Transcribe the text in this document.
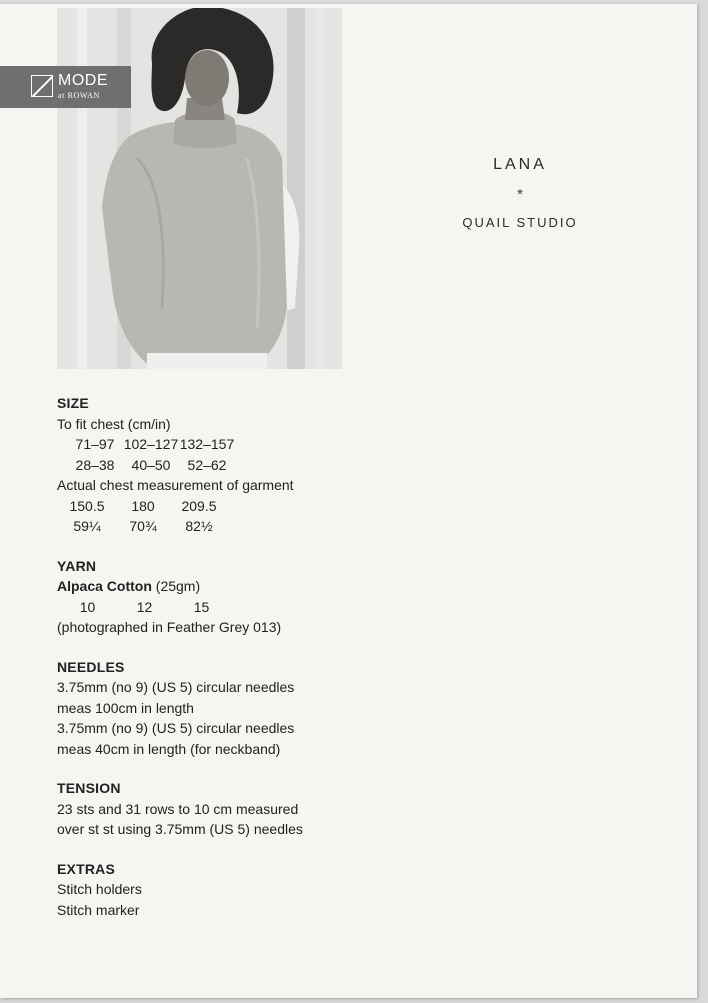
LANA
*
QUAIL STUDIO
SIZE
To fit chest (cm/in)
71–97 102–127 132–157
28–38	40–50	52–62
Actual chest measurement of garment
150.5	180	209.5
59¼	70¾	82½
YARN
Alpaca Cotton (25gm)
10	12	15
(photographed in Feather Grey 013)
NEEDLES
3.75mm (no 9) (US 5) circular needles
meas 100cm in length
3.75mm (no 9) (US 5) circular needles
meas 40cm in length (for neckband)
TENSION
23 sts and 31 rows to 10 cm measured
over st st using 3.75mm (US 5) needles
EXTRAS
Stitch holders
Stitch marker
MODE
at ROWAN
